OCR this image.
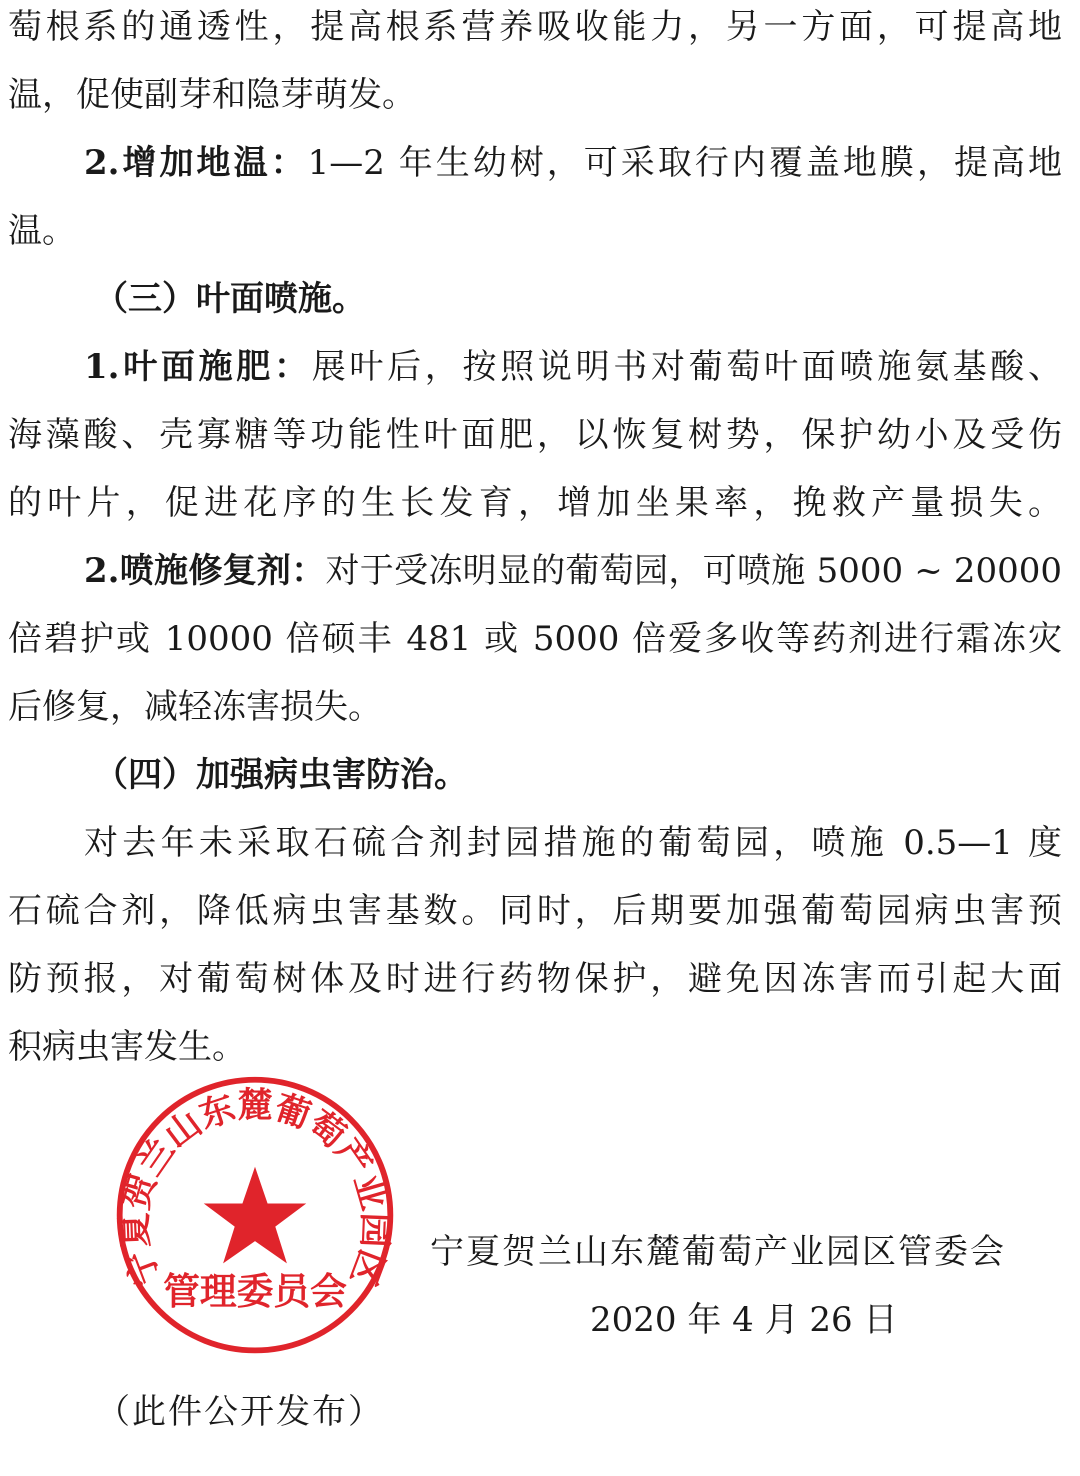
萄根系的通透性，提高根系营养吸收能力，另一方面，可提高地
温，促使副芽和隐芽萌发。
2.增加地温：1—2 年生幼树，可采取行内覆盖地膜，提高地
温。
（三）叶面喷施。
1.叶面施肥：展叶后，按照说明书对葡萄叶面喷施氨基酸、
海藻酸、壳寡糖等功能性叶面肥，以恢复树势，保护幼小及受伤
的叶片，促进花序的生长发育，增加坐果率，挽救产量损失。
2.喷施修复剂：对于受冻明显的葡萄园，可喷施 5000 ~ 20000
倍碧护或 10000 倍硕丰 481 或 5000 倍爱多收等药剂进行霜冻灾
后修复，减轻冻害损失。
（四）加强病虫害防治。
对去年未采取石硫合剂封园措施的葡萄园，喷施 0.5—1 度
石硫合剂，降低病虫害基数。同时，后期要加强葡萄园病虫害预
防预报，对葡萄树体及时进行药物保护，避免因冻害而引起大面
积病虫害发生。
宁夏贺兰山东麓葡萄产业园区管委会
2020 年 4 月 26 日
（此件公开发布）
宁夏贺兰山东麓葡萄产业园区
管理委员会
